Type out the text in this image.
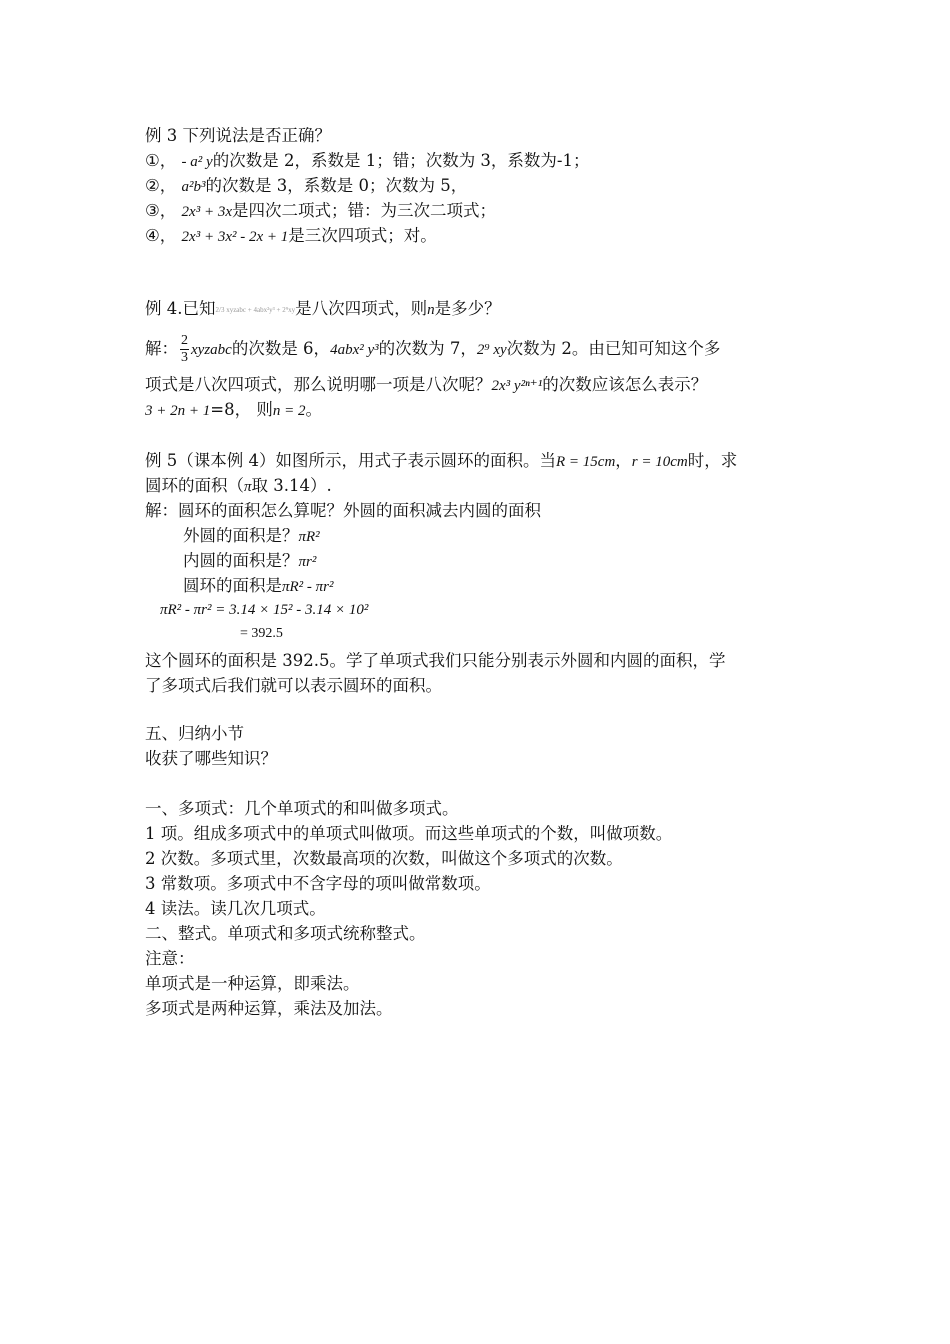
例 3 下列说法是否正确？
①， - a² y的次数是 2，系数是 1；错；次数为 3，系数为-1；
②， a²b³的次数是 3，系数是 0；次数为 5，
③， 2x³ + 3x是四次二项式；错：为三次二项式；
④， 2x³ + 3x² - 2x + 1是三次四项式；对。
例 4.已知2/3 xyzabc + 4abx²y³ + 2⁹xy是八次四项式，则n是多少？
解： $\frac{2}{3}$ xyzabc的次数是 6，4abx² y³的次数为 7，2⁹ xy次数为 2。由已知可知这个多
项式是八次四项式，那么说明哪一项是八次呢？2x³ y²ⁿ⁺¹的次数应该怎么表示？
3 + 2n + 1=8， 则n = 2。
例 5（课本例 4）如图所示，用式子表示圆环的面积。当R = 15cm，r = 10cm时，求
圆环的面积（π取 3.14）.
解：圆环的面积怎么算呢？外圆的面积减去内圆的面积
外圆的面积是？πR²
内圆的面积是？πr²
圆环的面积是πR² - πr²
πR² - πr² = 3.14 × 15² - 3.14 × 10²
= 392.5
这个圆环的面积是 392.5。学了单项式我们只能分别表示外圆和内圆的面积，学
了多项式后我们就可以表示圆环的面积。
五、归纳小节
收获了哪些知识？
一、多项式：几个单项式的和叫做多项式。
1 项。组成多项式中的单项式叫做项。而这些单项式的个数，叫做项数。
2 次数。多项式里，次数最高项的次数，叫做这个多项式的次数。
3 常数项。多项式中不含字母的项叫做常数项。
4 读法。读几次几项式。
二、整式。单项式和多项式统称整式。
注意：
单项式是一种运算，即乘法。
多项式是两种运算，乘法及加法。
